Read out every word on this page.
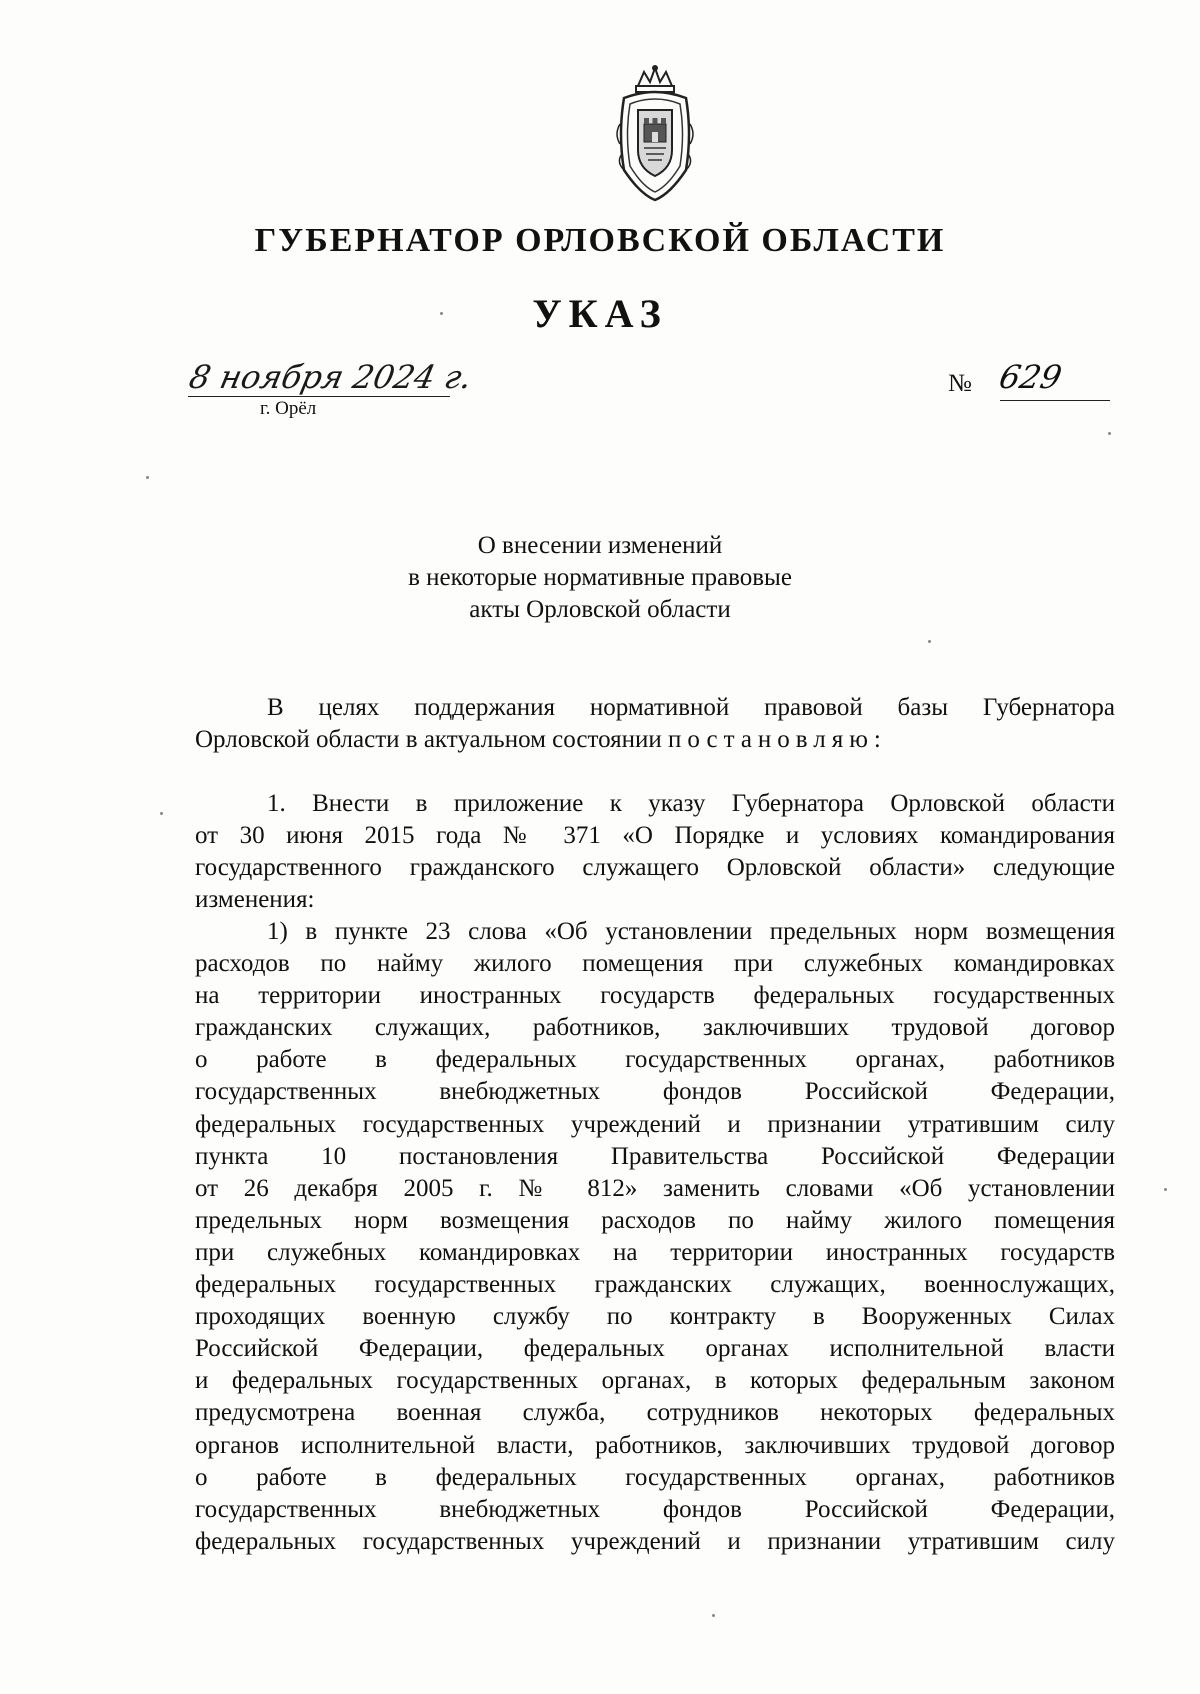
ГУБЕРНАТОР ОРЛОВСКОЙ ОБЛАСТИ
УКАЗ
8 ноября 2024 г.
г. Орёл
№ 629
О внесении изменений
в некоторые нормативные правовые
акты Орловской области
В целях поддержания нормативной правовой базы Губернатора
Орловской области в актуальном состоянии постановляю:
1. Внести в приложение к указу Губернатора Орловской области
от 30 июня 2015 года № 371 «О Порядке и условиях командирования
государственного гражданского служащего Орловской области» следующие
изменения:
1) в пункте 23 слова «Об установлении предельных норм возмещения
расходов по найму жилого помещения при служебных командировках
на территории иностранных государств федеральных государственных
гражданских служащих, работников, заключивших трудовой договор
о работе в федеральных государственных органах, работников
государственных внебюджетных фондов Российской Федерации,
федеральных государственных учреждений и признании утратившим силу
пункта 10 постановления Правительства Российской Федерации
от 26 декабря 2005 г. № 812» заменить словами «Об установлении
предельных норм возмещения расходов по найму жилого помещения
при служебных командировках на территории иностранных государств
федеральных государственных гражданских служащих, военнослужащих,
проходящих военную службу по контракту в Вооруженных Силах
Российской Федерации, федеральных органах исполнительной власти
и федеральных государственных органах, в которых федеральным законом
предусмотрена военная служба, сотрудников некоторых федеральных
органов исполнительной власти, работников, заключивших трудовой договор
о работе в федеральных государственных органах, работников
государственных внебюджетных фондов Российской Федерации,
федеральных государственных учреждений и признании утратившим силу
